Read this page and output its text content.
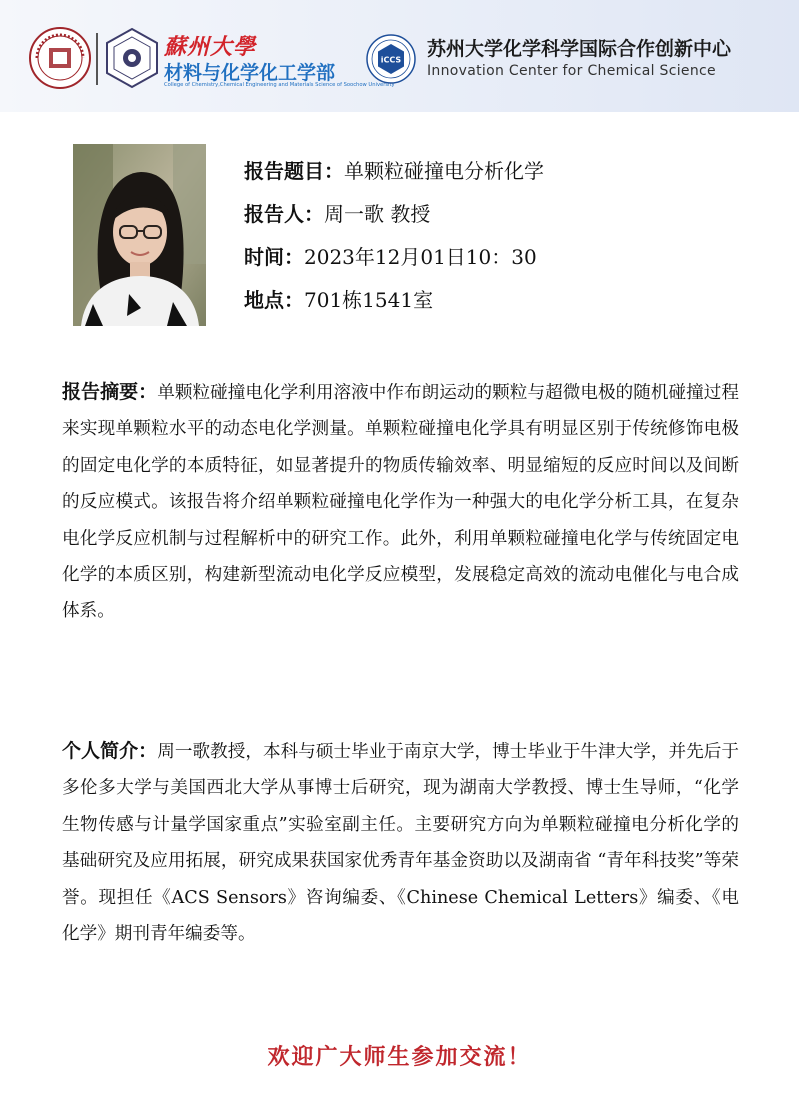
蘇州大學
材料与化学化工学部
College of Chemistry,Chemical Engineering and Materials Science of Soochow University
iCCS 苏州大学化学科学国际合作创新中心
Innovation Center for Chemical Science
报告题目：单颗粒碰撞电分析化学
报告人：周一歌 教授
时间：2023年12月01日10：30
地点：701栋1541室
报告摘要：单颗粒碰撞电化学利用溶液中作布朗运动的颗粒与超微电极的随机碰撞过程来实现单颗粒水平的动态电化学测量。单颗粒碰撞电化学具有明显区别于传统修饰电极的固定电化学的本质特征，如显著提升的物质传输效率、明显缩短的反应时间以及间断的反应模式。该报告将介绍单颗粒碰撞电化学作为一种强大的电化学分析工具，在复杂电化学反应机制与过程解析中的研究工作。此外，利用单颗粒碰撞电化学与传统固定电化学的本质区别，构建新型流动电化学反应模型，发展稳定高效的流动电催化与电合成体系。
个人简介：周一歌教授，本科与硕士毕业于南京大学，博士毕业于牛津大学，并先后于多伦多大学与美国西北大学从事博士后研究，现为湖南大学教授、博士生导师，“化学生物传感与计量学国家重点”实验室副主任。主要研究方向为单颗粒碰撞电分析化学的基础研究及应用拓展，研究成果获国家优秀青年基金资助以及湖南省 “青年科技奖”等荣誉。现担任《ACS Sensors》咨询编委、《Chinese Chemical Letters》编委、《电化学》期刊青年编委等。
欢迎广大师生参加交流！
